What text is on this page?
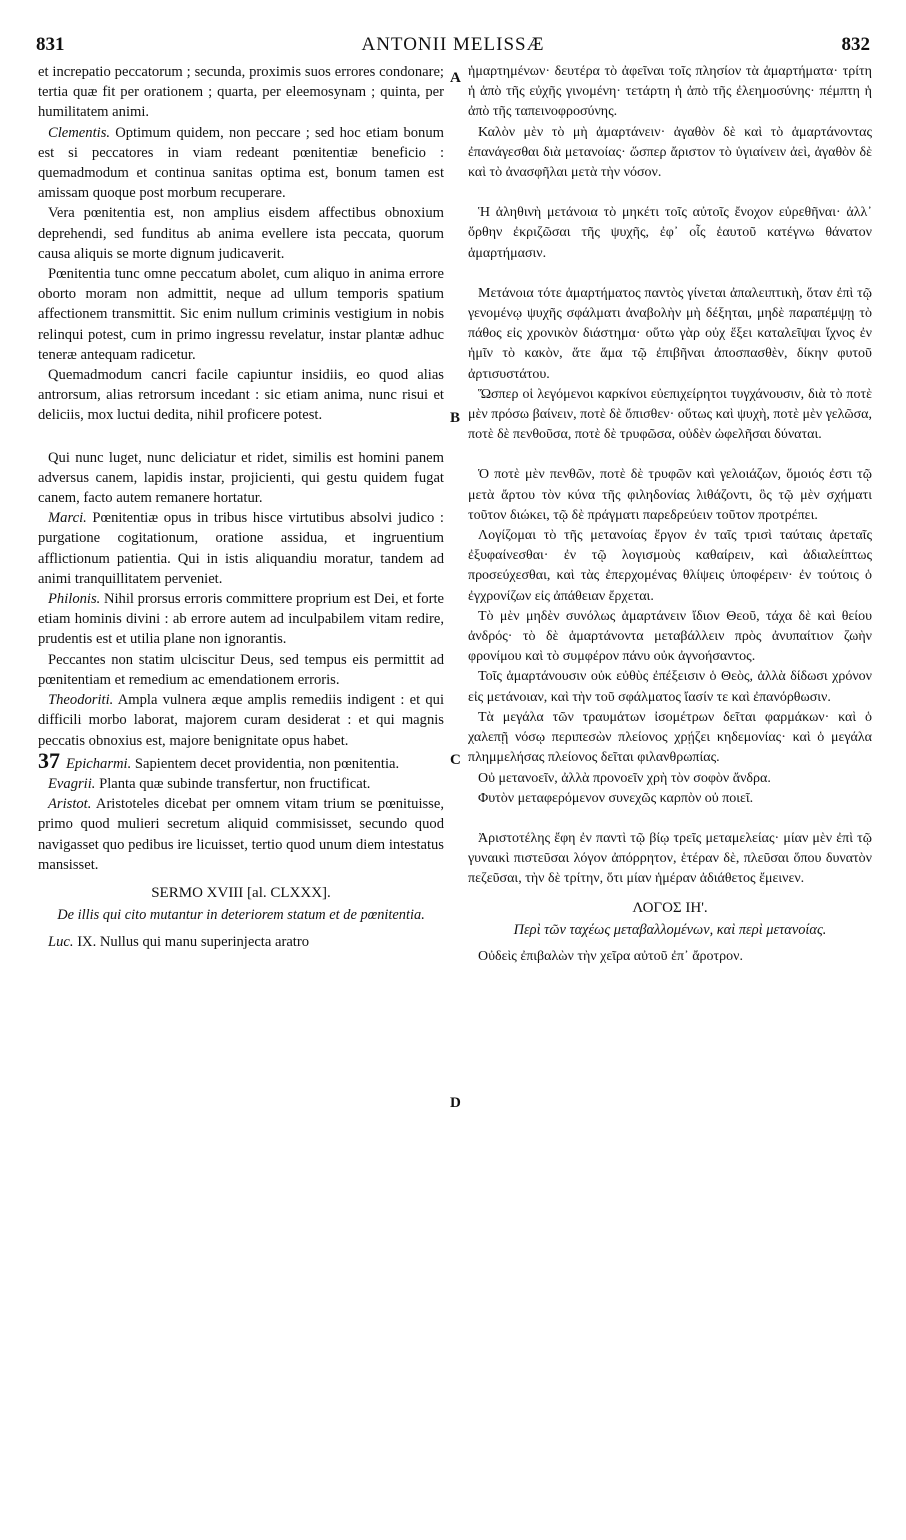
831	ANTONII MELISSÆ	832
A
B
C
D

et increpatio peccatorum ; secunda, proximis suos errores condonare; tertia quæ fit per orationem ; quarta, per eleemosynam ; quinta, per humilitatem animi.

Clementis. Optimum quidem, non peccare ; sed hoc etiam bonum est si peccatores in viam redeant pœnitentiæ beneficio : quemadmodum et continua sanitas optima est, bonum tamen est amissam quoque post morbum recuperare.

Vera pœnitentia est, non amplius eisdem affectibus obnoxium deprehendi, sed funditus ab anima evellere ista peccata, quorum causa aliquis se morte dignum judicaverit.

Pœnitentia tunc omne peccatum abolet, cum aliquo in anima errore oborto moram non admittit, neque ad ullum temporis spatium affectionem transmittit. Sic enim nullum criminis vestigium in nobis relinqui potest, cum in primo ingressu revelatur, instar plantæ adhuc teneræ antequam radicetur.

Quemadmodum cancri facile capiuntur insidiis, eo quod alias antrorsum, alias retrorsum incedant : sic etiam anima, nunc risui et deliciis, mox luctui dedita, nihil proficere potest.

Qui nunc luget, nunc deliciatur et ridet, similis est homini panem adversus canem, lapidis instar, projicienti, qui gestu quidem fugat canem, facto autem remanere hortatur.

Marci. Pœnitentiæ opus in tribus hisce virtutibus absolvi judico : purgatione cogitationum, oratione assidua, et ingruentium afflictionum patientia. Qui in istis aliquandiu moratur, tandem ad animi tranquillitatem perveniet.

Philonis. Nihil prorsus erroris committere proprium est Dei, et forte etiam hominis divini : ab errore autem ad inculpabilem vitam redire, prudentis est et utilia plane non ignorantis.

Peccantes non statim ulciscitur Deus, sed tempus eis permittit ad pœnitentiam et remedium ac emendationem erroris.

Theodoriti. Ampla vulnera æque amplis remediis indigent : et qui difficili morbo laborat, majorem curam desiderat : et qui magnis peccatis obnoxius est, majore benignitate opus habet.

37 Epicharmi. Sapientem decet providentia, non pœnitentia.

Evagrii. Planta quæ subinde transfertur, non fructificat.

Aristot. Aristoteles dicebat per omnem vitam trium se pœnituisse, primo quod mulieri secretum aliquid commisisset, secundo quod navigasset quo pedibus ire licuisset, tertio quod unum diem intestatus mansisset.

SERMO XVIII [al. CLXXX].
De illis qui cito mutantur in deteriorem statum et de pœnitentia.

Luc. IX. Nullus qui manu superinjecta aratro

ἡμαρτημένων· δευτέρα τὸ ἀφεῖναι τοῖς πλησίον τὰ ἁμαρτήματα· τρίτη ἡ ἀπὸ τῆς εὐχῆς γινομένη· τετάρτη ἡ ἀπὸ τῆς ἐλεημοσύνης· πέμπτη ἡ ἀπὸ τῆς ταπεινοφροσύνης.

Καλὸν μὲν τὸ μὴ ἁμαρτάνειν· ἀγαθὸν δὲ καὶ τὸ ἁμαρτάνοντας ἐπανάγεσθαι διὰ μετανοίας· ὥσπερ ἄριστον τὸ ὑγιαίνειν ἀεὶ, ἀγαθὸν δὲ καὶ τὸ ἀνασφῆλαι μετὰ τὴν νόσον.

Ἡ ἀληθινὴ μετάνοια τὸ μηκέτι τοῖς αὐτοῖς ἔνοχον εὑρεθῆναι· ἀλλ᾽ ὄρθην ἐκριζῶσαι τῆς ψυχῆς, ἐφ᾽ οἷς ἑαυτοῦ κατέγνω θάνατον ἁμαρτήμασιν.

Μετάνοια τότε ἁμαρτήματος παντὸς γίνεται ἀπαλειπτικὴ, ὅταν ἐπὶ τῷ γενομένῳ ψυχῆς σφάλματι ἀναβολὴν μὴ δέξηται, μηδὲ παραπέμψῃ τὸ πάθος εἰς χρονικὸν διάστημα· οὕτω γὰρ οὐχ ἕξει καταλεῖψαι ἴχνος ἐν ἡμῖν τὸ κακὸν, ἅτε ἅμα τῷ ἐπιβῆναι ἀποσπασθὲν, δίκην φυτοῦ ἀρτισυστάτου.

Ὥσπερ οἱ λεγόμενοι καρκίνοι εὐεπιχείρητοι τυγχάνουσιν, διὰ τὸ ποτὲ μὲν πρόσω βαίνειν, ποτὲ δὲ ὄπισθεν· οὕτως καὶ ψυχὴ, ποτὲ μὲν γελῶσα, ποτὲ δὲ πενθοῦσα, ποτὲ δὲ τρυφῶσα, οὐδὲν ὠφελῆσαι δύναται.

Ὁ ποτὲ μὲν πενθῶν, ποτὲ δὲ τρυφῶν καὶ γελοιάζων, ὅμοιός ἐστι τῷ μετὰ ἄρτου τὸν κύνα τῆς φιληδονίας λιθάζοντι, ὃς τῷ μὲν σχήματι τοῦτον διώκει, τῷ δὲ πράγματι παρεδρεύειν τοῦτον προτρέπει.

Λογίζομαι τὸ τῆς μετανοίας ἔργον ἐν ταῖς τρισὶ ταύταις ἀρεταῖς ἐξυφαίνεσθαι· ἐν τῷ λογισμοὺς καθαίρειν, καὶ ἀδιαλείπτως προσεύχεσθαι, καὶ τὰς ἐπερχομένας θλίψεις ὑποφέρειν· ἐν τούτοις ὁ ἐγχρονίζων εἰς ἀπάθειαν ἔρχεται.

Τὸ μὲν μηδὲν συνόλως ἁμαρτάνειν ἴδιον Θεοῦ, τάχα δὲ καὶ θείου ἀνδρός· τὸ δὲ ἁμαρτάνοντα μεταβάλλειν πρὸς ἀνυπαίτιον ζωὴν φρονίμου καὶ τὸ συμφέρον πάνυ οὐκ ἀγνοήσαντος.

Τοῖς ἁμαρτάνουσιν οὐκ εὐθὺς ἐπέξεισιν ὁ Θεὸς, ἀλλὰ δίδωσι χρόνον εἰς μετάνοιαν, καὶ τὴν τοῦ σφάλματος ἴασίν τε καὶ ἐπανόρθωσιν.

Τὰ μεγάλα τῶν τραυμάτων ἰσομέτρων δεῖται φαρμάκων· καὶ ὁ χαλεπῇ νόσῳ περιπεσὼν πλείονος χρῄζει κηδεμονίας· καὶ ὁ μεγάλα πλημμελήσας πλείονος δεῖται φιλανθρωπίας.

Οὐ μετανοεῖν, ἀλλὰ προνοεῖν χρὴ τὸν σοφὸν ἄνδρα.

Φυτὸν μεταφερόμενον συνεχῶς καρπὸν οὐ ποιεῖ.

Ἀριστοτέλης ἔφη ἐν παντὶ τῷ βίῳ τρεῖς μεταμελείας· μίαν μὲν ἐπὶ τῷ γυναικὶ πιστεῦσαι λόγον ἀπόρρητον, ἑτέραν δὲ, πλεῦσαι ὅπου δυνατὸν πεζεῦσαι, τὴν δὲ τρίτην, ὅτι μίαν ἡμέραν ἀδιάθετος ἔμεινεν.

ΛΟΓΟΣ ΙΗ'.
Περὶ τῶν ταχέως μεταβαλλομένων, καὶ περὶ μετανοίας.

Οὐδεὶς ἐπιβαλὼν τὴν χεῖρα αὐτοῦ ἐπ᾽ ἄροτρον.
